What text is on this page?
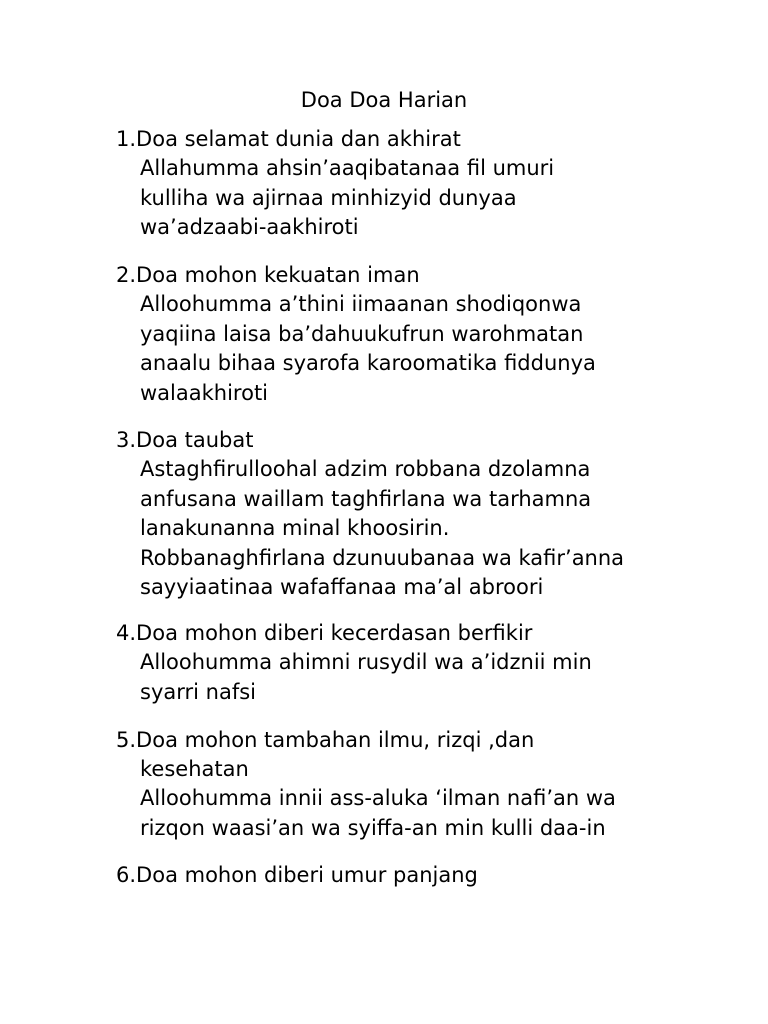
Doa Doa Harian
1. Doa selamat dunia dan akhirat
Allahumma ahsin’aaqibatanaa fil umuri
kulliha wa ajirnaa minhizyid dunyaa
wa’adzaabi-aakhiroti
2. Doa mohon kekuatan iman
Alloohumma a’thini iimaanan shodiqonwa
yaqiina laisa ba’dahuukufrun warohmatan
anaalu bihaa syarofa karoomatika fiddunya
walaakhiroti
3. Doa taubat
Astaghfirulloohal adzim robbana dzolamna
anfusana waillam taghfirlana wa tarhamna
lanakunanna minal khoosirin.
Robbanaghfirlana dzunuubanaa wa kafir’anna
sayyiaatinaa wafaffanaa ma’al abroori
4. Doa mohon diberi kecerdasan berfikir
Alloohumma ahimni rusydil wa a’idznii min
syarri nafsi
5. Doa mohon tambahan ilmu, rizqi ,dan
kesehatan
Alloohumma innii ass-aluka ‘ilman nafi’an wa
rizqon waasi’an wa syiffa-an min kulli daa-in
6. Doa mohon diberi umur panjang
